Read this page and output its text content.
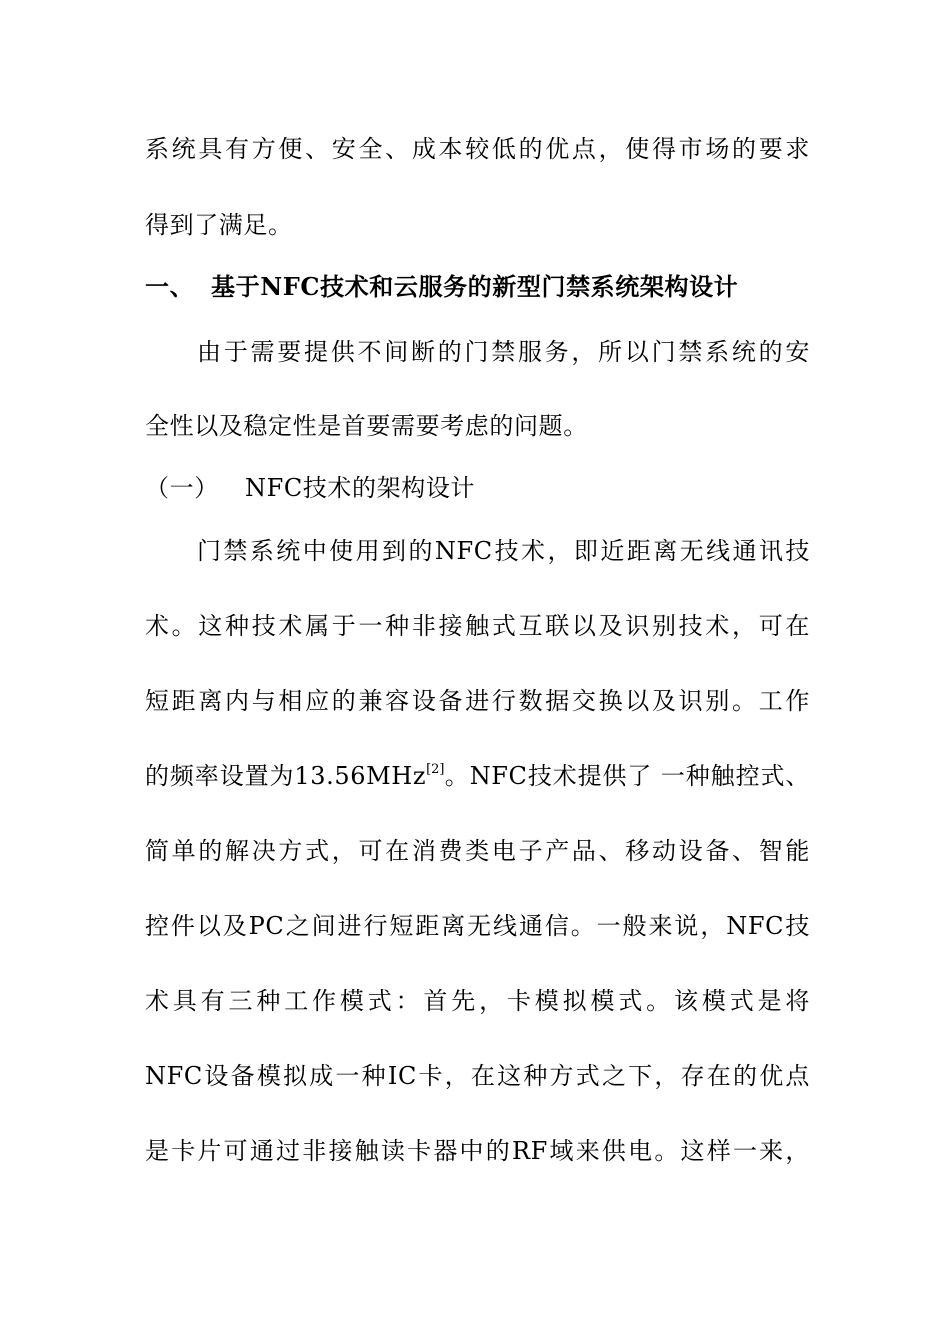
系统具有方便、安全、成本较低的优点，使得市场的要求
得到了满足。
一、 基于NFC技术和云服务的新型门禁系统架构设计
由于需要提供不间断的门禁服务，所以门禁系统的安
全性以及稳定性是首要需要考虑的问题。
（一） NFC技术的架构设计
门禁系统中使用到的NFC技术，即近距离无线通讯技
术。这种技术属于一种非接触式互联以及识别技术，可在
短距离内与相应的兼容设备进行数据交换以及识别。工作
的频率设置为13.56MHz[2]。NFC技术提供了 一种触控式、
简单的解决方式，可在消费类电子产品、移动设备、智能
控件以及PC之间进行短距离无线通信。一般来说，NFC技
术具有三种工作模式：首先，卡模拟模式。该模式是将
NFC设备模拟成一种IC卡，在这种方式之下，存在的优点
是卡片可通过非接触读卡器中的RF域来供电。这样一来，
